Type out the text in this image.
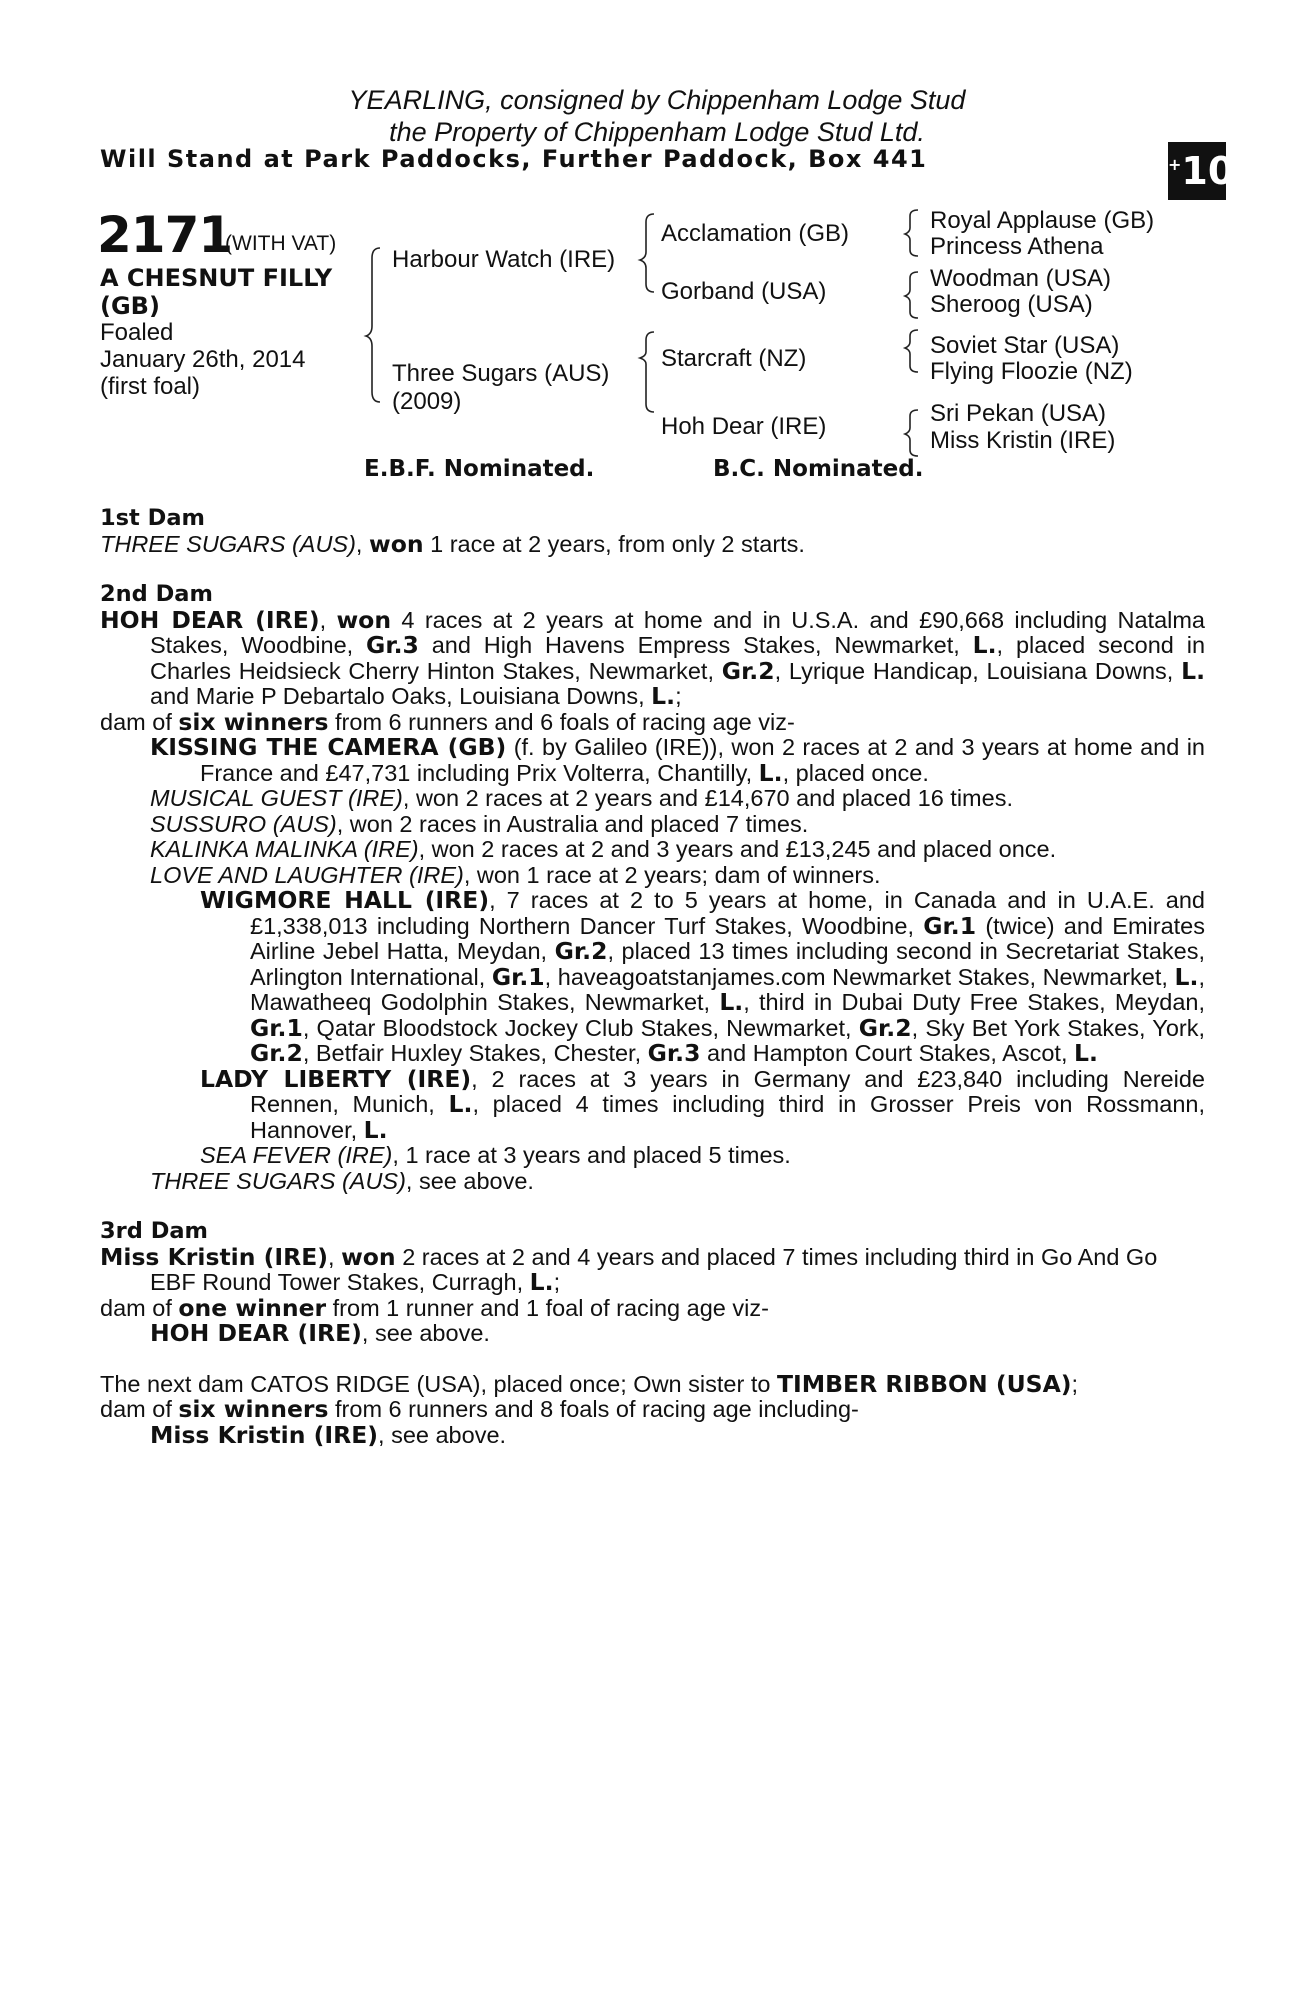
YEARLING, consigned by Chippenham Lodge Stud
the Property of Chippenham Lodge Stud Ltd.
Will Stand at Park Paddocks, Further Paddock, Box 441	+10
2171
(WITH VAT)
A CHESNUT FILLY
(GB)
Foaled
January 26th, 2014
(first foal)
Harbour Watch (IRE)
Three Sugars (AUS)
(2009)
Acclamation (GB)
Gorband (USA)
Starcraft (NZ)
Hoh Dear (IRE)
Royal Applause (GB)
Princess Athena
Woodman (USA)
Sheroog (USA)
Soviet Star (USA)
Flying Floozie (NZ)
Sri Pekan (USA)
Miss Kristin (IRE)
E.B.F. Nominated.	B.C. Nominated.

1st Dam

THREE SUGARS (AUS), won 1 race at 2 years, from only 2 starts.

2nd Dam

HOH DEAR (IRE), won 4 races at 2 years at home and in U.S.A. and £90,668 including Natalma Stakes, Woodbine, Gr.3 and High Havens Empress Stakes, Newmarket, L., placed second in Charles Heidsieck Cherry Hinton Stakes, Newmarket, Gr.2, Lyrique Handicap, Louisiana Downs, L. and Marie P Debartalo Oaks, Louisiana Downs, L.;

dam of six winners from 6 runners and 6 foals of racing age viz-

KISSING THE CAMERA (GB) (f. by Galileo (IRE)), won 2 races at 2 and 3 years at home and in France and £47,731 including Prix Volterra, Chantilly, L., placed once.

MUSICAL GUEST (IRE), won 2 races at 2 years and £14,670 and placed 16 times.

SUSSURO (AUS), won 2 races in Australia and placed 7 times.

KALINKA MALINKA (IRE), won 2 races at 2 and 3 years and £13,245 and placed once.

LOVE AND LAUGHTER (IRE), won 1 race at 2 years; dam of winners.

WIGMORE HALL (IRE), 7 races at 2 to 5 years at home, in Canada and in U.A.E. and £1,338,013 including Northern Dancer Turf Stakes, Woodbine, Gr.1 (twice) and Emirates Airline Jebel Hatta, Meydan, Gr.2, placed 13 times including second in Secretariat Stakes, Arlington International, Gr.1, haveagoatstanjames.com Newmarket Stakes, Newmarket, L., Mawatheeq Godolphin Stakes, Newmarket, L., third in Dubai Duty Free Stakes, Meydan, Gr.1, Qatar Bloodstock Jockey Club Stakes, Newmarket, Gr.2, Sky Bet York Stakes, York, Gr.2, Betfair Huxley Stakes, Chester, Gr.3 and Hampton Court Stakes, Ascot, L.

LADY LIBERTY (IRE), 2 races at 3 years in Germany and £23,840 including Nereide Rennen, Munich, L., placed 4 times including third in Grosser Preis von Rossmann, Hannover, L.

SEA FEVER (IRE), 1 race at 3 years and placed 5 times.

THREE SUGARS (AUS), see above.

3rd Dam

Miss Kristin (IRE), won 2 races at 2 and 4 years and placed 7 times including third in Go And Go EBF Round Tower Stakes, Curragh, L.;

dam of one winner from 1 runner and 1 foal of racing age viz-

HOH DEAR (IRE), see above.

The next dam CATOS RIDGE (USA), placed once; Own sister to TIMBER RIBBON (USA);

dam of six winners from 6 runners and 8 foals of racing age including-

Miss Kristin (IRE), see above.
